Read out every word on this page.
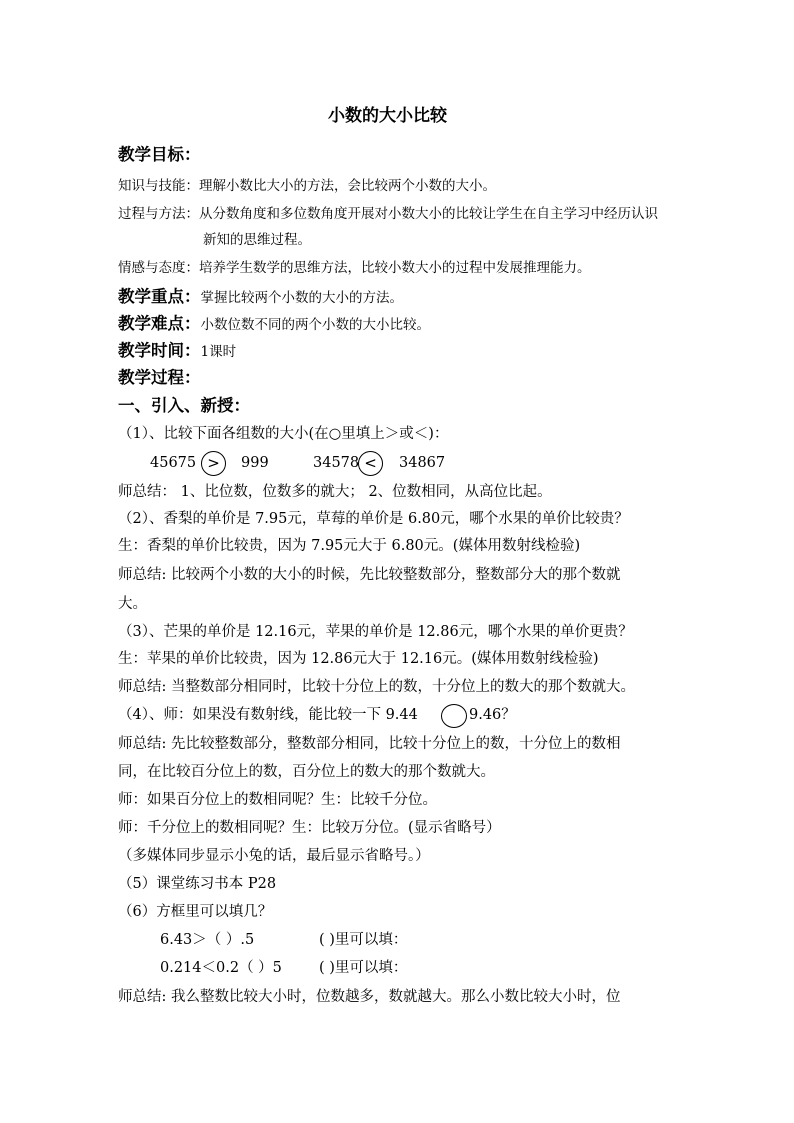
小数的大小比较
教学目标：
知识与技能：理解小数比大小的方法，会比较两个小数的大小。
过程与方法：从分数角度和多位数角度开展对小数大小的比较让学生在自主学习中经历认识
新知的思维过程。
情感与态度：培养学生数学的思维方法，比较小数大小的过程中发展推理能力。
教学重点：掌握比较两个小数的大小的方法。
教学难点：小数位数不同的两个小数的大小比较。
教学时间：1课时
教学过程：
一、引入、新授：
（1）、比较下面各组数的大小(在○里填上＞或＜)：
45675 >	999	34578 <	34867
师总结： 1、比位数，位数多的就大； 2、位数相同，从高位比起。
（2）、香梨的单价是 7.95元，草莓的单价是 6.80元，哪个水果的单价比较贵？
生：香梨的单价比较贵，因为 7.95元大于 6.80元。(媒体用数射线检验)
师总结: 比较两个小数的大小的时候，先比较整数部分，整数部分大的那个数就
大。
（3）、芒果的单价是 12.16元，苹果的单价是 12.86元，哪个水果的单价更贵？
生：苹果的单价比较贵，因为 12.86元大于 12.16元。(媒体用数射线检验)
师总结: 当整数部分相同时，比较十分位上的数，十分位上的数大的那个数就大。
（4）、师：如果没有数射线，能比较一下 9.44	9.46？
师总结: 先比较整数部分，整数部分相同，比较十分位上的数，十分位上的数相
同，在比较百分位上的数，百分位上的数大的那个数就大。
师：如果百分位上的数相同呢？生：比较千分位。
师：千分位上的数相同呢？生：比较万分位。(显示省略号）
（多媒体同步显示小兔的话，最后显示省略号。）
（5）课堂练习书本 P28
（6）方框里可以填几？
6.43＞（ ）.5	( )里可以填：
0.214＜0.2（ ）5	( )里可以填：
师总结: 我么整数比较大小时，位数越多，数就越大。那么小数比较大小时，位
